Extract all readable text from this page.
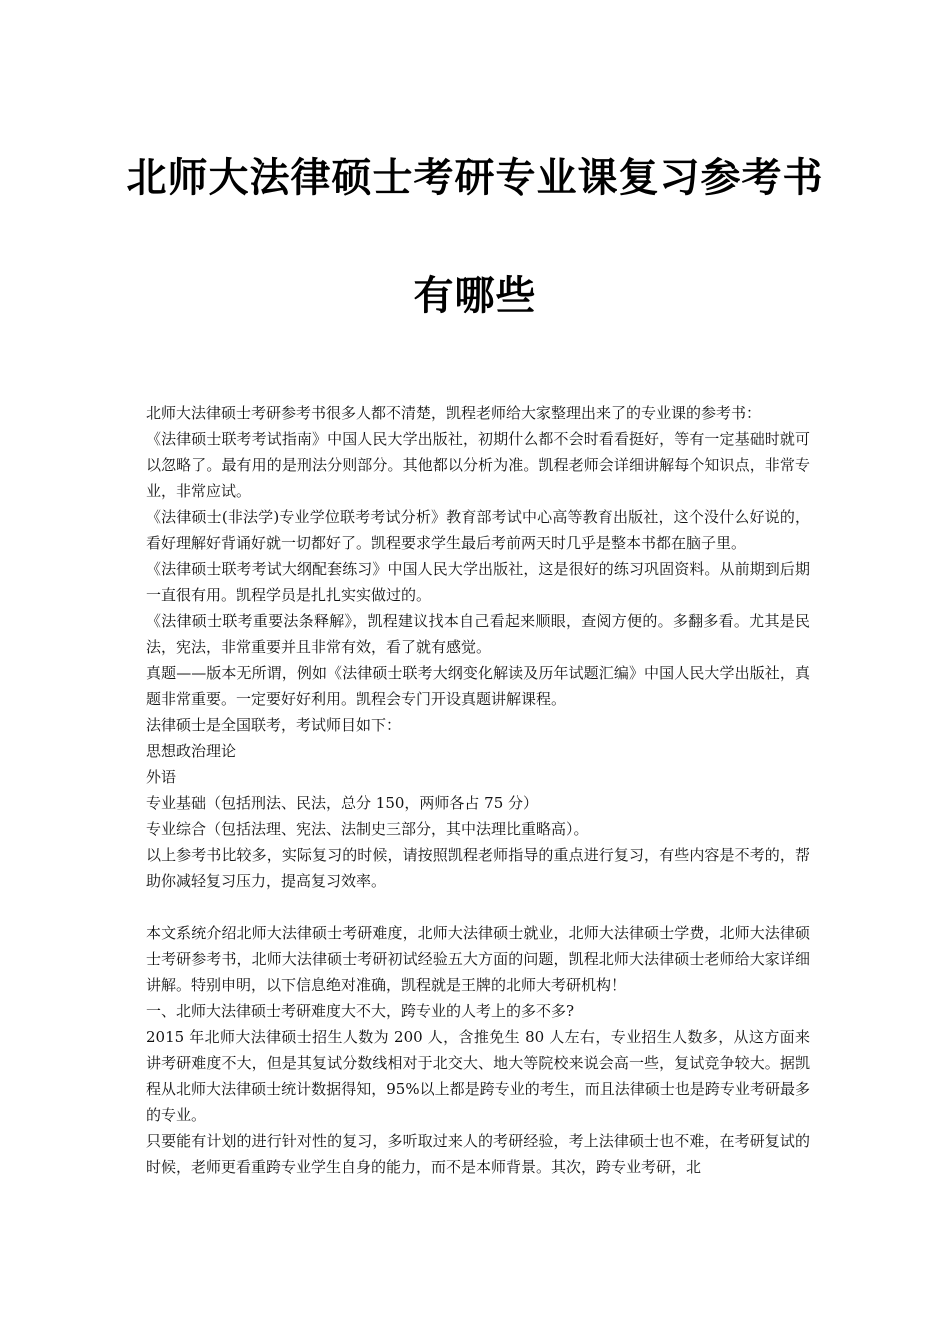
北师大法律硕士考研专业课复习参考书
有哪些

北师大法律硕士考研参考书很多人都不清楚，凯程老师给大家整理出来了的专业课的参考书：

《法律硕士联考考试指南》中国人民大学出版社，初期什么都不会时看看挺好，等有一定基础时就可以忽略了。最有用的是刑法分则部分。其他都以分析为准。凯程老师会详细讲解每个知识点，非常专业，非常应试。

《法律硕士(非法学)专业学位联考考试分析》教育部考试中心高等教育出版社，这个没什么好说的，看好理解好背诵好就一切都好了。凯程要求学生最后考前两天时几乎是整本书都在脑子里。

《法律硕士联考考试大纲配套练习》中国人民大学出版社，这是很好的练习巩固资料。从前期到后期一直很有用。凯程学员是扎扎实实做过的。

《法律硕士联考重要法条释解》，凯程建议找本自己看起来顺眼，查阅方便的。多翻多看。尤其是民法，宪法，非常重要并且非常有效，看了就有感觉。

真题——版本无所谓，例如《法律硕士联考大纲变化解读及历年试题汇编》中国人民大学出版社，真题非常重要。一定要好好利用。凯程会专门开设真题讲解课程。

法律硕士是全国联考，考试师目如下：

思想政治理论

外语

专业基础（包括刑法、民法，总分 150，两师各占 75 分）

专业综合（包括法理、宪法、法制史三部分，其中法理比重略高）。

以上参考书比较多，实际复习的时候，请按照凯程老师指导的重点进行复习，有些内容是不考的，帮助你减轻复习压力，提高复习效率。

本文系统介绍北师大法律硕士考研难度，北师大法律硕士就业，北师大法律硕士学费，北师大法律硕士考研参考书，北师大法律硕士考研初试经验五大方面的问题，凯程北师大法律硕士老师给大家详细讲解。特别申明，以下信息绝对准确，凯程就是王牌的北师大考研机构！

一、北师大法律硕士考研难度大不大，跨专业的人考上的多不多?

2015 年北师大法律硕士招生人数为 200 人，含推免生 80 人左右，专业招生人数多，从这方面来讲考研难度不大，但是其复试分数线相对于北交大、地大等院校来说会高一些，复试竞争较大。据凯程从北师大法律硕士统计数据得知，95%以上都是跨专业的考生，而且法律硕士也是跨专业考研最多的专业。

只要能有计划的进行针对性的复习，多听取过来人的考研经验，考上法律硕士也不难，在考研复试的时候，老师更看重跨专业学生自身的能力，而不是本师背景。其次，跨专业考研，北
